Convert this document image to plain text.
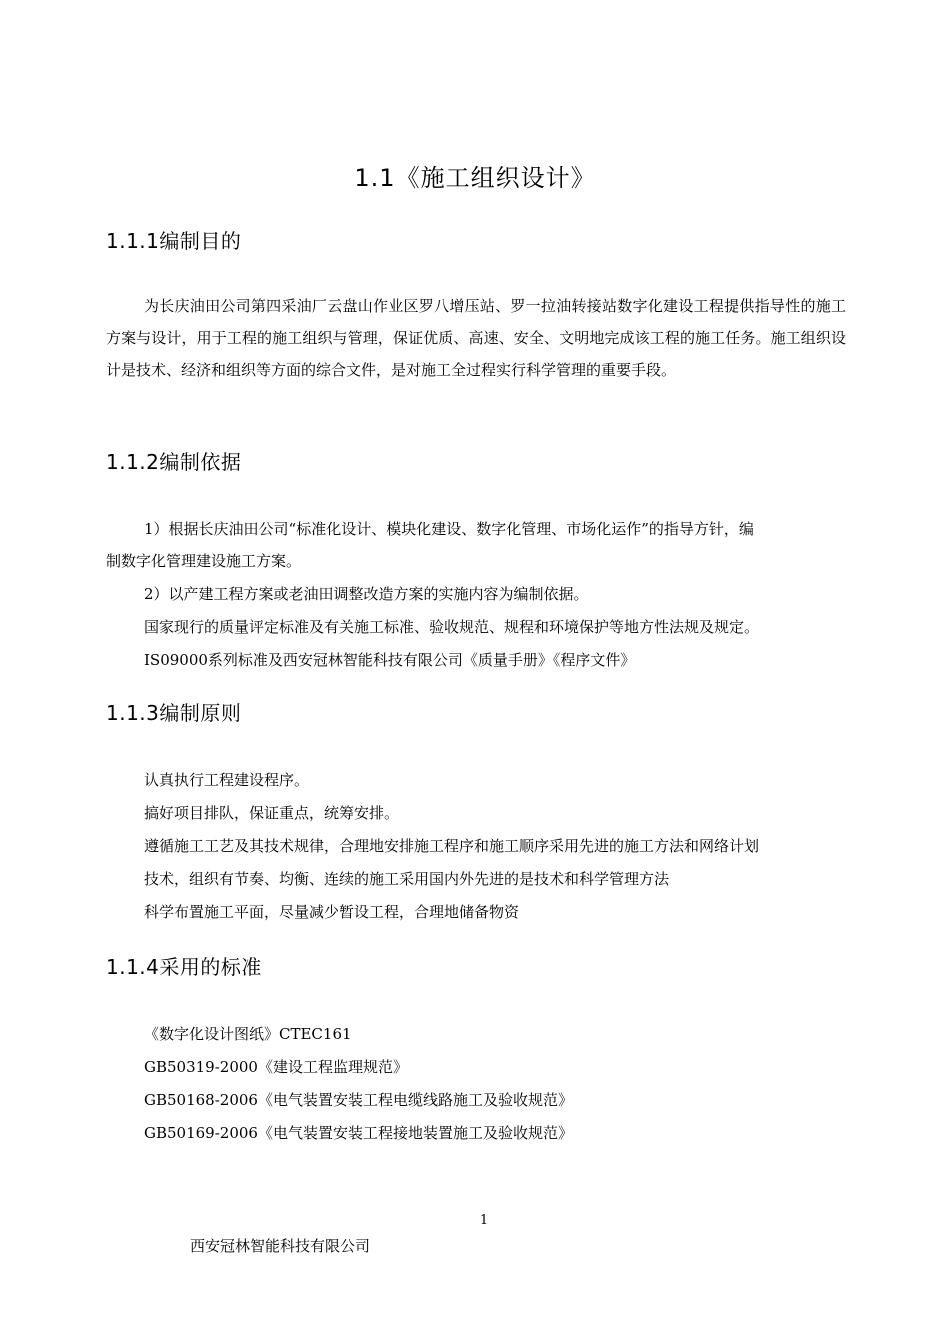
1.1《施工组织设计》
1.1.1编制目的

为长庆油田公司第四采油厂云盘山作业区罗八增压站、罗一拉油转接站数字化建设工程提供指导性的施工方案与设计，用于工程的施工组织与管理，保证优质、高速、安全、文明地完成该工程的施工任务。施工组织设计是技术、经济和组织等方面的综合文件，是对施工全过程实行科学管理的重要手段。

1.1.2编制依据

1）根据长庆油田公司“标准化设计、模块化建设、数字化管理、市场化运作”的指导方针，编

制数字化管理建设施工方案。

2）以产建工程方案或老油田调整改造方案的实施内容为编制依据。

国家现行的质量评定标准及有关施工标准、验收规范、规程和环境保护等地方性法规及规定。

IS09000系列标准及西安冠林智能科技有限公司《质量手册》《程序文件》

1.1.3编制原则

认真执行工程建设程序。

搞好项目排队，保证重点，统筹安排。

遵循施工工艺及其技术规律，合理地安排施工程序和施工顺序采用先进的施工方法和网络计划

技术，组织有节奏、均衡、连续的施工采用国内外先进的是技术和科学管理方法

科学布置施工平面，尽量减少暂设工程，合理地储备物资

1.1.4采用的标准

《数字化设计图纸》CTEC161

GB50319-2000《建设工程监理规范》

GB50168-2006《电气装置安装工程电缆线路施工及验收规范》

GB50169-2006《电气装置安装工程接地装置施工及验收规范》

1
西安冠林智能科技有限公司
